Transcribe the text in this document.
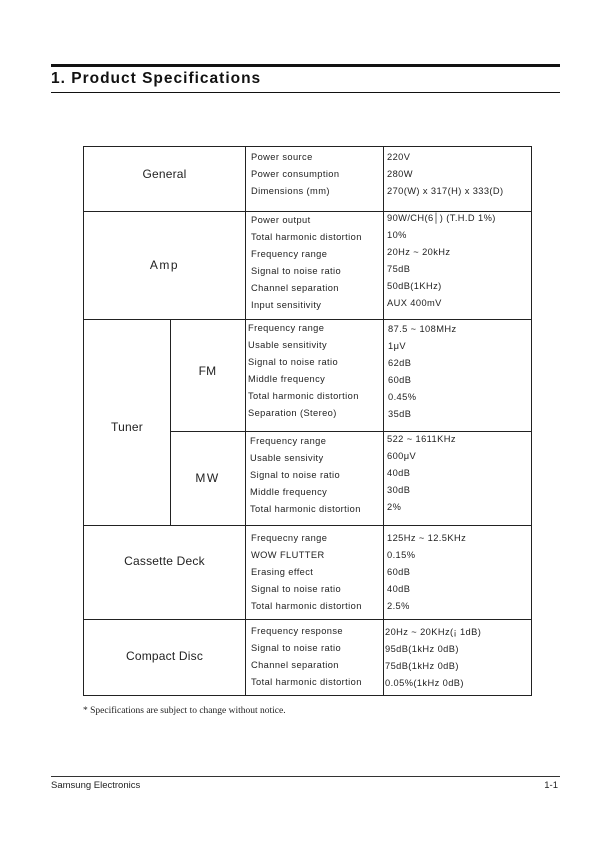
1. Product Specifications
General
Power source
Power consumption
Dimensions (mm)
220V
280W
270(W) x 317(H) x 333(D)
Amp
Power output
Total harmonic distortion
Frequency range
Signal to noise ratio
Channel separation
Input sensitivity
90W/CH(6│) (T.H.D 1%)
10%
20Hz ~ 20kHz
75dB
50dB(1KHz)
AUX 400mV
Tuner
FM
Frequency range
Usable sensitivity
Signal to noise ratio
Middle frequency
Total harmonic distortion
Separation (Stereo)
87.5 ~ 108MHz
1μV
62dB
60dB
0.45%
35dB
MW
Frequency range
Usable sensivity
Signal to noise ratio
Middle frequency
Total harmonic distortion
522 ~ 1611KHz
600μV
40dB
30dB
2%
Cassette Deck
Frequecny range
WOW FLUTTER
Erasing effect
Signal to noise ratio
Total harmonic distortion
125Hz ~ 12.5KHz
0.15%
60dB
40dB
2.5%
Compact Disc
Frequency response
Signal to noise ratio
Channel separation
Total harmonic distortion
20Hz ~ 20KHz(¡ 1dB)
95dB(1kHz 0dB)
75dB(1kHz 0dB)
0.05%(1kHz 0dB)

* Specifications are subject to change without notice.

Samsung Electronics	1-1
